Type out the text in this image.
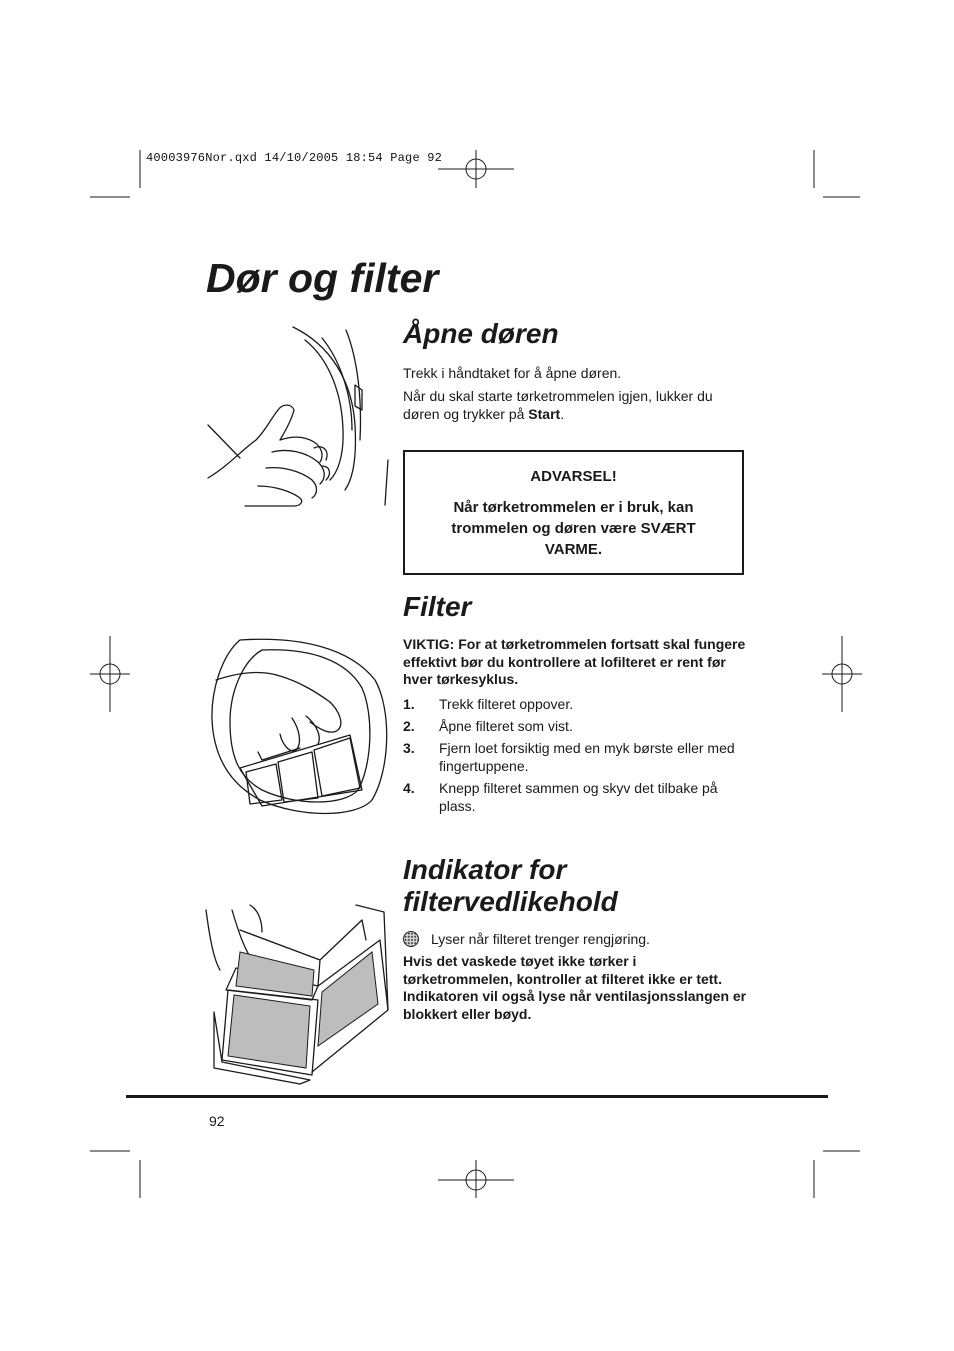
40003976Nor.qxd 14/10/2005 18:54 Page 92
Dør og filter
Åpne døren

Trekk i håndtaket for å åpne døren.

Når du skal starte tørketrommelen igjen, lukker du døren og trykker på Start.

ADVARSEL!
Når tørketrommelen er i bruk, kan trommelen og døren være SVÆRT VARME.
Filter

VIKTIG: For at tørketrommelen fortsatt skal fungere effektivt bør du kontrollere at lofilteret er rent før hver tørkesyklus.

1.	Trekk filteret oppover.
2.	Åpne filteret som vist.
3.	Fjern loet forsiktig med en myk børste eller med fingertuppene.
4.	Knepp filteret sammen og skyv det tilbake på plass.
Indikator for
filtervedlikehold
Lyser når filteret trenger rengjøring.

Hvis det vaskede tøyet ikke tørker i tørketrommelen, kontroller at filteret ikke er tett. Indikatoren vil også lyse når ventilasjonsslangen er blokkert eller bøyd.

92
